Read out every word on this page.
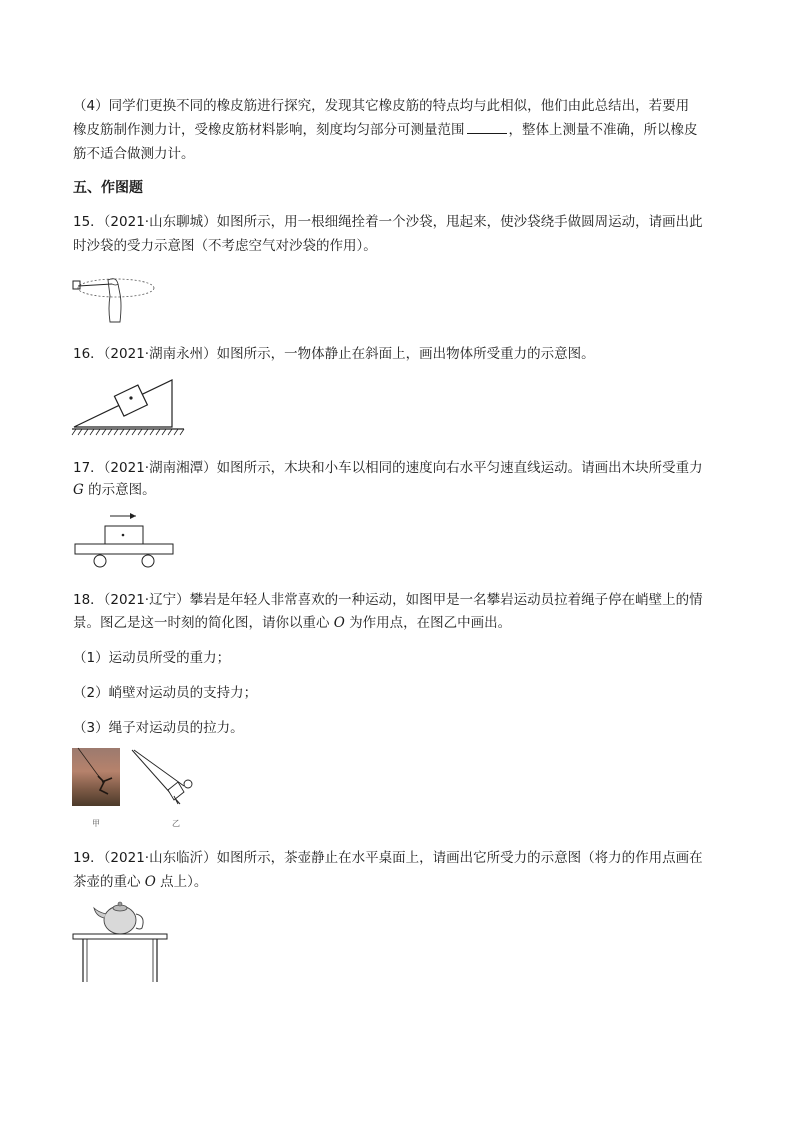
（4）同学们更换不同的橡皮筋进行探究，发现其它橡皮筋的特点均与此相似，他们由此总结出，若要用
橡皮筋制作测力计，受橡皮筋材料影响，刻度均匀部分可测量范围	，整体上测量不准确，所以橡皮
筋不适合做测力计。
五、作图题
15．（2021·山东聊城）如图所示，用一根细绳拴着一个沙袋，甩起来，使沙袋绕手做圆周运动，请画出此
时沙袋的受力示意图（不考虑空气对沙袋的作用）。
16．（2021·湖南永州）如图所示，一物体静止在斜面上，画出物体所受重力的示意图。
17．（2021·湖南湘潭）如图所示，木块和小车以相同的速度向右水平匀速直线运动。请画出木块所受重力
G 的示意图。
18．（2021·辽宁）攀岩是年轻人非常喜欢的一种运动，如图甲是一名攀岩运动员拉着绳子停在峭壁上的情
景。图乙是这一时刻的简化图，请你以重心 O 为作用点，在图乙中画出。
（1）运动员所受的重力；
（2）峭壁对运动员的支持力；
（3）绳子对运动员的拉力。
甲	乙
19．（2021·山东临沂）如图所示，茶壶静止在水平桌面上，请画出它所受力的示意图（将力的作用点画在
茶壶的重心 O 点上）。
